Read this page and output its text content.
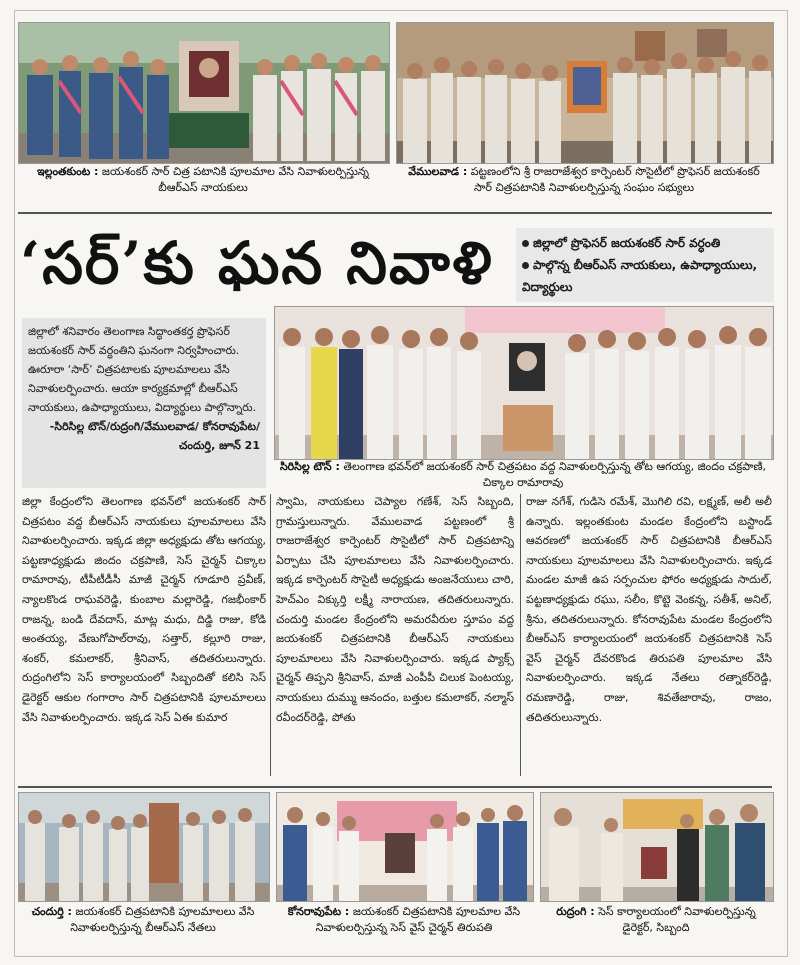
ఇల్లంతకుంట : జయశంకర్ సార్ చిత్ర పటానికి పూలమాల వేసి నివాళులర్పిస్తున్న బీఆర్ఎస్ నాయకులు
వేములవాడ : పట్టణంలోని శ్రీ రాజరాజేశ్వర కార్పెంటర్ సొసైటీలో ప్రొఫెసర్ జయశంకర్ సార్ చిత్రపటానికి నివాళులర్పిస్తున్న సంఘం సభ్యులు
‘సర్’కు ఘన నివాళి	జిల్లాలో ప్రొఫెసర్ జయశంకర్ సార్ వర్ధంతి
పాల్గొన్న బీఆర్ఎస్ నాయకులు, ఉపాధ్యాయులు, విద్యార్థులు
జిల్లాలో శనివారం తెలంగాణ సిద్ధాంతకర్త ప్రొఫెసర్ జయశంకర్ సార్ వర్ధంతిని ఘనంగా నిర్వహించారు. ఊరూరా ‘సార్’ చిత్రపటాలకు పూలమాలలు వేసి నివాళులర్పించారు. ఆయా కార్యక్రమాల్లో బీఆర్ఎస్ నాయకులు, ఉపాధ్యాయులు, విద్యార్థులు పాల్గొన్నారు.
-సిరిసిల్ల టౌన్/రుద్రంగి/వేములవాడ/ కోనరావుపేట/చందుర్తి, జూన్ 21
సిరిసిల్ల టౌన్ : తెలంగాణ భవన్‌లో జయశంకర్ సార్ చిత్రపటం వద్ద నివాళులర్పిస్తున్న తోట ఆగయ్య, జిందం చక్రపాణి, చిక్కాల రామారావు
జిల్లా కేంద్రంలోని తెలంగాణ భవన్‌లో జయశంకర్ సార్ చిత్రపటం వద్ద బీఆర్ఎస్ నాయకులు పూలమాలలు వేసి నివాళులర్పించారు. ఇక్కడ జిల్లా అధ్యక్షుడు తోట ఆగయ్య, పట్టణాధ్యక్షుడు జిందం చక్రపాణి, సెస్ చైర్మన్ చిక్కాల రామారావు, టీపీటీడీసీ మాజీ చైర్మన్ గూడూరి ప్రవీణ్, న్యాలకొండ రాఘవరెడ్డి, కుంబాల మల్లారెడ్డి, గజభీంకార్ రాజన్న, బండి దేవదాస్, మాట్ల మధు, దిడ్డి రాజు, కోడి అంతయ్య, వేణుగోపాల్‌రావు, సత్తార్, కల్లూరి రాజు, శంకర్, కమలాకర్, శ్రీనివాస్, తదితరులున్నారు. రుద్రంగిలోని సెస్ కార్యాలయంలో సిబ్బందితో కలిసి సెస్ డైరెక్టర్ ఆకుల గంగారాం సార్ చిత్రపటానికి పూలమాలలు వేసి నివాళులర్పించారు. ఇక్కడ సెస్ ఏఈ కుమార
స్వామి, నాయకులు చెప్యాల గణేశ్, సెస్ సిబ్బంది, గ్రామస్తులున్నారు. వేములవాడ పట్టణంలో శ్రీ రాజరాజేశ్వర కార్పెంటర్ సొసైటీలో సార్ చిత్రపటాన్ని ఏర్పాటు చేసి పూలమాలలు వేసి నివాళులర్పించారు. ఇక్కడ కార్పెంటర్ సొసైటీ అధ్యక్షుడు అంజనేయులు చారి, హెచ్ఎం విక్కుర్తి లక్ష్మీ నారాయణ, తదితరులున్నారు. చందుర్తి మండల కేంద్రంలోని అమరవీరుల స్తూపం వద్ద జయశంకర్ చిత్రపటానికి బీఆర్ఎస్ నాయకులు పూలమాలలు వేసి నివాళులర్పించారు. ఇక్కడ ప్యాక్స్ చైర్మన్ తిప్పని శ్రీనివాస్, మాజీ ఎంపీపీ చిలుక పెంటయ్య, నాయకులు దుమ్ము ఆనందం, బత్తుల కమలాకర్, నల్మాస్ రవీందర్‌రెడ్డి, పోతు
రాజు నగేశ్, గుడిసె రమేశ్, మొగిలి రవి, లక్ష్మణ్, అలీ అలీ ఉన్నారు. ఇల్లంతకుంట మండల కేంద్రంలోని బస్టాండ్ ఆవరణలో జయశంకర్ సార్ చిత్రపటానికి బీఆర్ఎస్ నాయకులు పూలమాలలు వేసి నివాళులర్పించారు. ఇక్కడ మండల మాజీ ఉప సర్పంచుల ఫోరం అధ్యక్షుడు సాదుల్, పట్టణాధ్యక్షుడు రఘు, సలీం, కొట్టె వెంకన్న, సతీశ్, అనిల్, శ్రీను, తదితరులున్నారు. కోనరావుపేట మండల కేంద్రంలోని బీఆర్ఎస్ కార్యాలయంలో జయశంకర్ చిత్రపటానికి సెస్ వైస్ చైర్మన్ దేవరకొండ తిరుపతి పూలమాల వేసి నివాళులర్పించారు. ఇక్కడ నేతలు రత్నాకర్‌రెడ్డి, రమణారెడ్డి, రాజు, శివతేజారావు, రాజం, తదితరులున్నారు.
చందుర్తి : జయశంకర్ చిత్రపటానికి పూలమాలలు వేసి నివాళులర్పిస్తున్న బీఆర్ఎస్ నేతలు
కోనరావుపేట : జయశంకర్ చిత్రపటానికి పూలమాల వేసి నివాళులర్పిస్తున్న సెస్ వైస్ చైర్మన్ తిరుపతి
రుద్రంగి : సెస్ కార్యాలయంలో నివాళులర్పిస్తున్న డైరెక్టర్, సిబ్బంది
